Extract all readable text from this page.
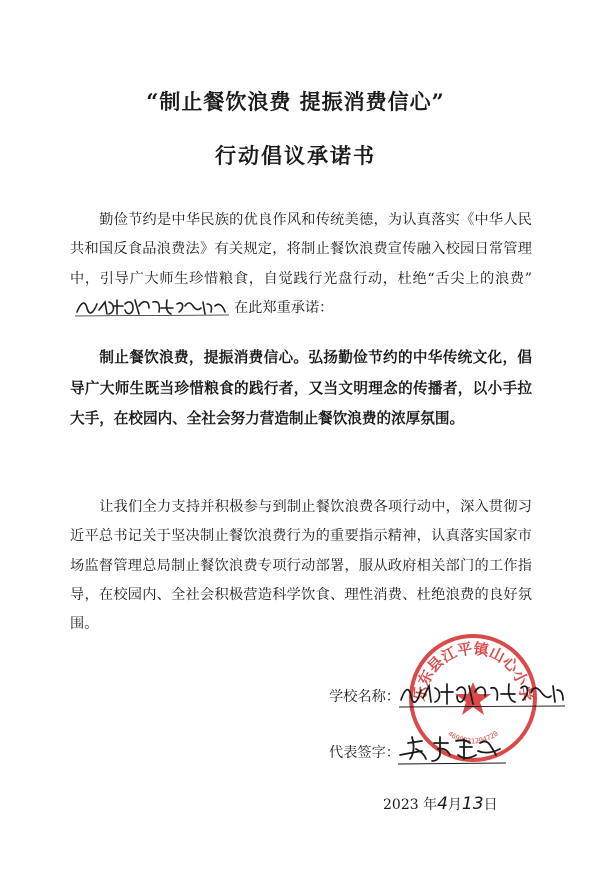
“制止餐饮浪费 提振消费信心”
行动倡议承诺书

勤俭节约是中华民族的优良作风和传统美德，为认真落实《中华人民共和国反食品浪费法》有关规定，将制止餐饮浪费宣传融入校园日常管理中，引导广大师生珍惜粮食，自觉践行光盘行动，杜绝“舌尖上的浪费”
在此郑重承诺：

制止餐饮浪费，提振消费信心。弘扬勤俭节约的中华传统文化，倡导广大师生既当珍惜粮食的践行者，又当文明理念的传播者，以小手拉大手，在校园内、全社会努力营造制止餐饮浪费的浓厚氛围。

让我们全力支持并积极参与到制止餐饮浪费各项行动中，深入贯彻习近平总书记关于坚决制止餐饮浪费行为的重要指示精神，认真落实国家市场监督管理总局制止餐饮浪费专项行动部署，服从政府相关部门的工作指导，在校园内、全社会积极营造科学饮食、理性消费、杜绝浪费的良好氛围。

乐东县江平镇山心小学
4690331204720
学校名称：
代表签字：
2023 年4月13日
